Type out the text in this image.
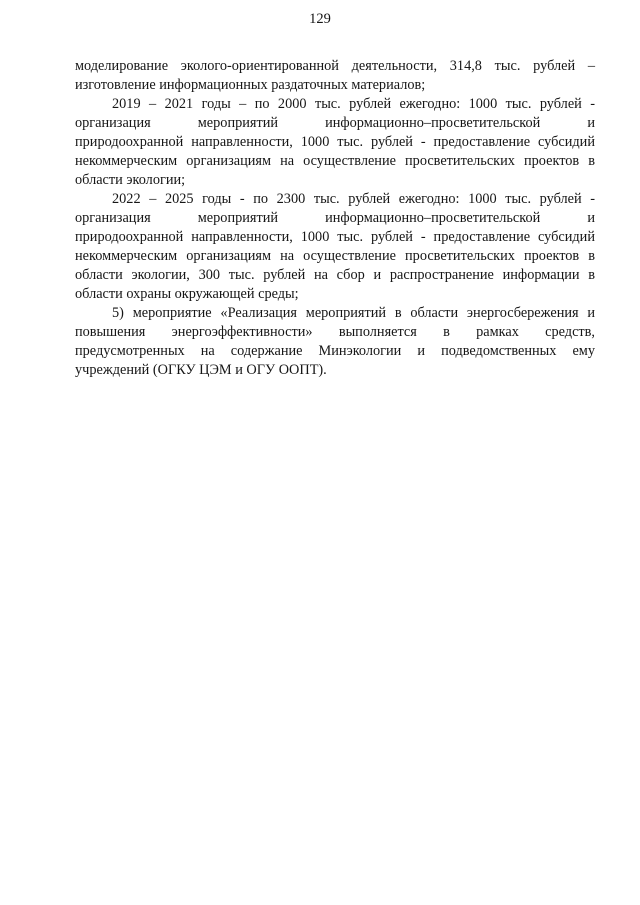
129
моделирование эколого-ориентированной деятельности, 314,8 тыс. рублей –
изготовление информационных раздаточных материалов;
2019 – 2021 годы – по 2000 тыс. рублей ежегодно: 1000 тыс. рублей -
организация мероприятий информационно–просветительской и
природоохранной направленности, 1000 тыс. рублей - предоставление субсидий
некоммерческим организациям на осуществление просветительских проектов в
области экологии;
2022 – 2025 годы - по 2300 тыс. рублей ежегодно: 1000 тыс. рублей -
организация мероприятий информационно–просветительской и
природоохранной направленности, 1000 тыс. рублей - предоставление субсидий
некоммерческим организациям на осуществление просветительских проектов в
области экологии, 300 тыс. рублей на сбор и распространение информации в
области охраны окружающей среды;
5) мероприятие «Реализация мероприятий в области энергосбережения и
повышения энергоэффективности» выполняется в рамках средств,
предусмотренных на содержание Минэкологии и подведомственных ему
учреждений (ОГКУ ЦЭМ и ОГУ ООПТ).
